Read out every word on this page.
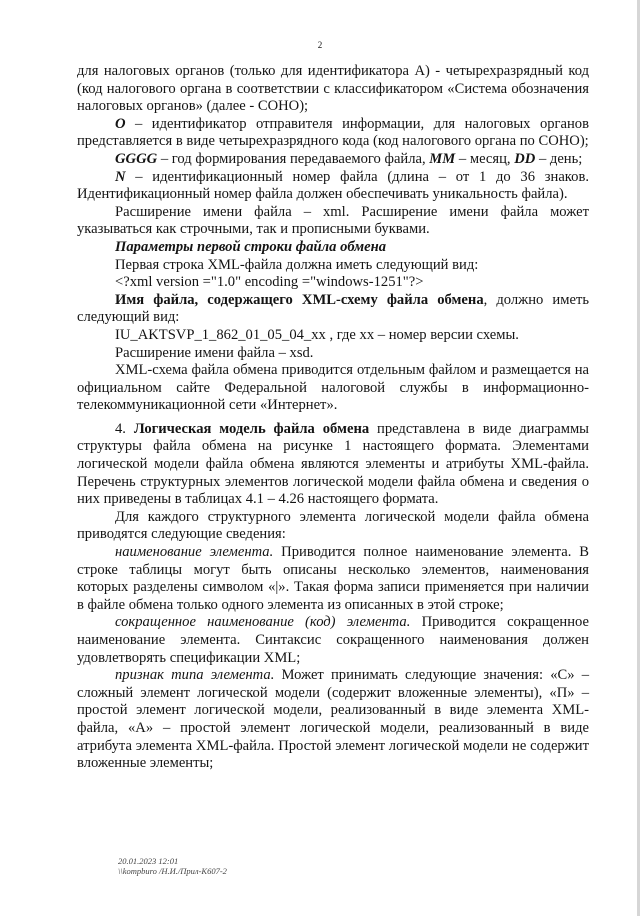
2

для налоговых органов (только для идентификатора А) - четырехразрядный код (код налогового органа в соответствии с классификатором «Система обозначения налоговых органов» (далее - СОНО);

O – идентификатор отправителя информации, для налоговых органов представляется в виде четырехразрядного кода (код налогового органа по СОНО);

GGGG – год формирования передаваемого файла, MM – месяц, DD – день;

N – идентификационный номер файла (длина – от 1 до 36 знаков. Идентификационный номер файла должен обеспечивать уникальность файла).

Расширение имени файла – xml. Расширение имени файла может указываться как строчными, так и прописными буквами.

Параметры первой строки файла обмена

Первая строка XML-файла должна иметь следующий вид:

<?xml version ="1.0" encoding ="windows-1251"?>

Имя файла, содержащего XML-схему файла обмена, должно иметь следующий вид:

IU_AKTSVP_1_862_01_05_04_xx , где хх – номер версии схемы.

Расширение имени файла – xsd.

XML-схема файла обмена приводится отдельным файлом и размещается на официальном сайте Федеральной налоговой службы в информационно-телекоммуникационной сети «Интернет».

4. Логическая модель файла обмена представлена в виде диаграммы структуры файла обмена на рисунке 1 настоящего формата. Элементами логической модели файла обмена являются элементы и атрибуты XML-файла. Перечень структурных элементов логической модели файла обмена и сведения о них приведены в таблицах 4.1 – 4.26 настоящего формата.

Для каждого структурного элемента логической модели файла обмена приводятся следующие сведения:

наименование элемента. Приводится полное наименование элемента. В строке таблицы могут быть описаны несколько элементов, наименования которых разделены символом «|». Такая форма записи применяется при наличии в файле обмена только одного элемента из описанных в этой строке;

сокращенное наименование (код) элемента. Приводится сокращенное наименование элемента. Синтаксис сокращенного наименования должен удовлетворять спецификации XML;

признак типа элемента. Может принимать следующие значения: «С» – сложный элемент логической модели (содержит вложенные элементы), «П» – простой элемент логической модели, реализованный в виде элемента XML-файла, «А» – простой элемент логической модели, реализованный в виде атрибута элемента XML-файла. Простой элемент логической модели не содержит вложенные элементы;

20.01.2023 12:01
\\kompburo /Н.И./Прил-К607-2
